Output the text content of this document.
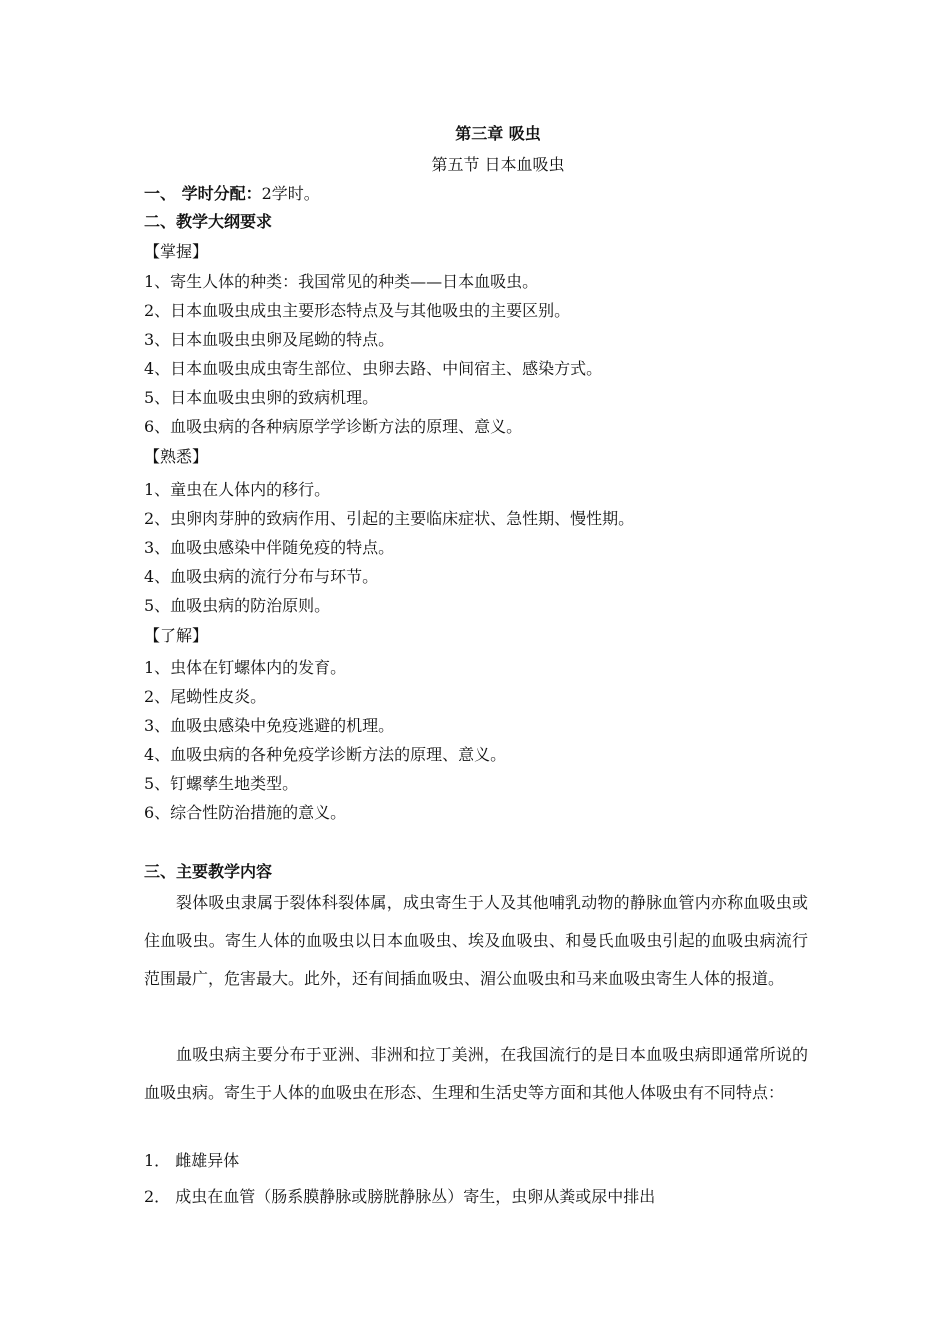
第三章 吸虫
第五节 日本血吸虫
一、 学时分配：2学时。
二、教学大纲要求
【掌握】
1、寄生人体的种类：我国常见的种类——日本血吸虫。
2、日本血吸虫成虫主要形态特点及与其他吸虫的主要区别。
3、日本血吸虫虫卵及尾蚴的特点。
4、日本血吸虫成虫寄生部位、虫卵去路、中间宿主、感染方式。
5、日本血吸虫虫卵的致病机理。
6、血吸虫病的各种病原学学诊断方法的原理、意义。
【熟悉】
1、童虫在人体内的移行。
2、虫卵肉芽肿的致病作用、引起的主要临床症状、急性期、慢性期。
3、血吸虫感染中伴随免疫的特点。
4、血吸虫病的流行分布与环节。
5、血吸虫病的防治原则。
【了解】
1、虫体在钉螺体内的发育。
2、尾蚴性皮炎。
3、血吸虫感染中免疫逃避的机理。
4、血吸虫病的各种免疫学诊断方法的原理、意义。
5、钉螺孳生地类型。
6、综合性防治措施的意义。
三、主要教学内容

裂体吸虫隶属于裂体科裂体属，成虫寄生于人及其他哺乳动物的静脉血管内亦称血吸虫或住血吸虫。寄生人体的血吸虫以日本血吸虫、埃及血吸虫、和曼氏血吸虫引起的血吸虫病流行范围最广，危害最大。此外，还有间插血吸虫、湄公血吸虫和马来血吸虫寄生人体的报道。

血吸虫病主要分布于亚洲、非洲和拉丁美洲，在我国流行的是日本血吸虫病即通常所说的血吸虫病。寄生于人体的血吸虫在形态、生理和生活史等方面和其他人体吸虫有不同特点：

1． 雌雄异体
2． 成虫在血管（肠系膜静脉或膀胱静脉丛）寄生，虫卵从粪或尿中排出
